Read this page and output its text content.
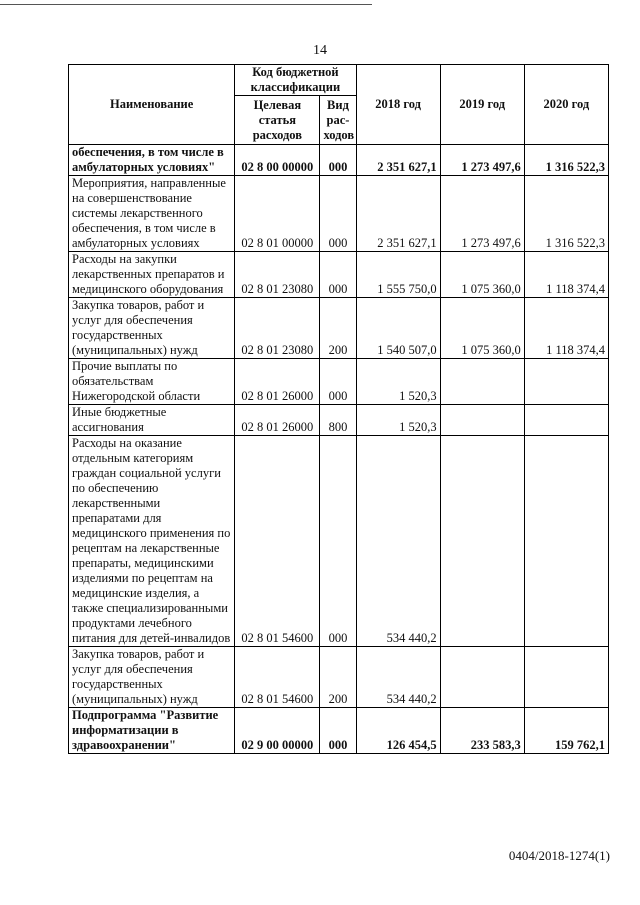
14
Наименование	Код бюджетной классификации		2018 год	2019 год	2020 год
	Целевая статья расходов	Вид рас-ходов			
обеспечения, в том числе в амбулаторных условиях"	02 8 00 00000	000	2 351 627,1	1 273 497,6	1 316 522,3
Мероприятия, направленные на совершенствование системы лекарственного обеспечения, в том числе в амбулаторных условиях	02 8 01 00000	000	2 351 627,1	1 273 497,6	1 316 522,3
Расходы на закупки лекарственных препаратов и медицинского оборудования	02 8 01 23080	000	1 555 750,0	1 075 360,0	1 118 374,4
Закупка товаров, работ и услуг для обеспечения государственных (муниципальных) нужд	02 8 01 23080	200	1 540 507,0	1 075 360,0	1 118 374,4
Прочие выплаты по обязательствам Нижегородской области	02 8 01 26000	000	1 520,3		
Иные бюджетные ассигнования	02 8 01 26000	800	1 520,3		
Расходы на оказание отдельным категориям граждан социальной услуги по обеспечению лекарственными препаратами для медицинского применения по рецептам на лекарственные препараты, медицинскими изделиями по рецептам на медицинские изделия, а также специализированными продуктами лечебного питания для детей-инвалидов	02 8 01 54600	000	534 440,2		
Закупка товаров, работ и услуг для обеспечения государственных (муниципальных) нужд	02 8 01 54600	200	534 440,2		
Подпрограмма "Развитие информатизации в здравоохранении"	02 9 00 00000	000	126 454,5	233 583,3	159 762,1
0404/2018-1274(1)
